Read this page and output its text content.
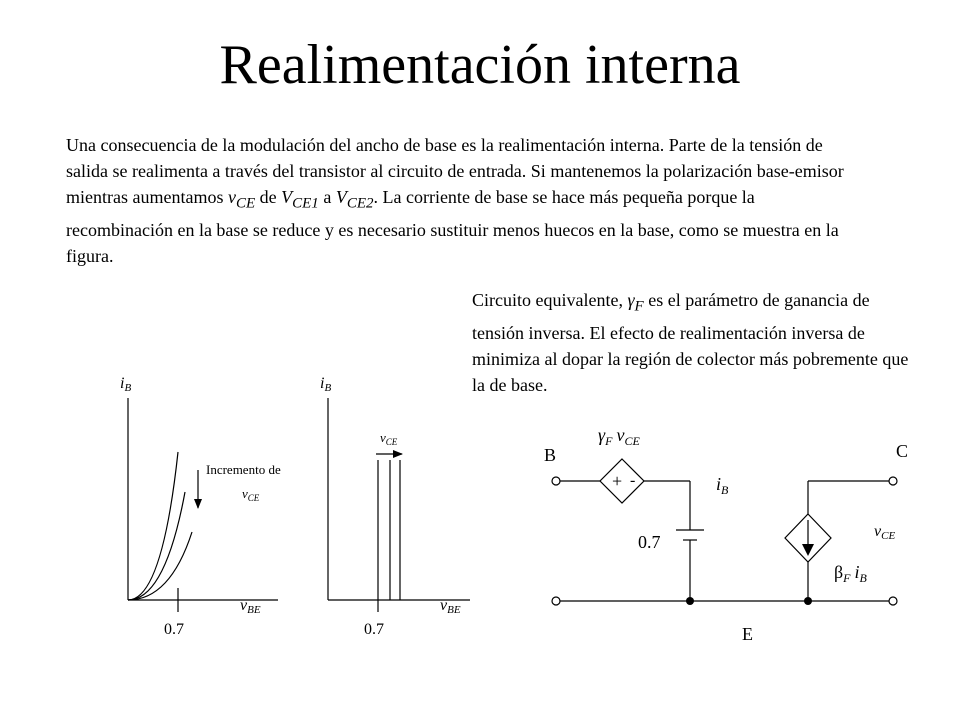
Realimentación interna
Una consecuencia de la modulación del ancho de base es la realimentación interna. Parte de la tensión de salida se realimenta a través del transistor al circuito de entrada. Si mantenemos la polarización base-emisor mientras aumentamos $v_{CE}$ de $V_{CE1}$ a $V_{CE2}$. La corriente de base se hace más pequeña porque la recombinación en la base se reduce y es necesario sustituir menos huecos en la base, como se muestra en la figura.
Circuito equivalente, $\gamma_F$ es el parámetro de ganancia de tensión inversa. El efecto de realimentación inversa de minimiza al dopar la región de colector más pobremente que la de base.
iB
0.7
vBE
Incremento de
$v_{CE}$
iB
$v_{CE}$
0.7
vBE
+ -
B	C
E
$\gamma_F$ $v_{CE}$
$i_B$
0.7
vCE
$\beta_F$ $i_B$
